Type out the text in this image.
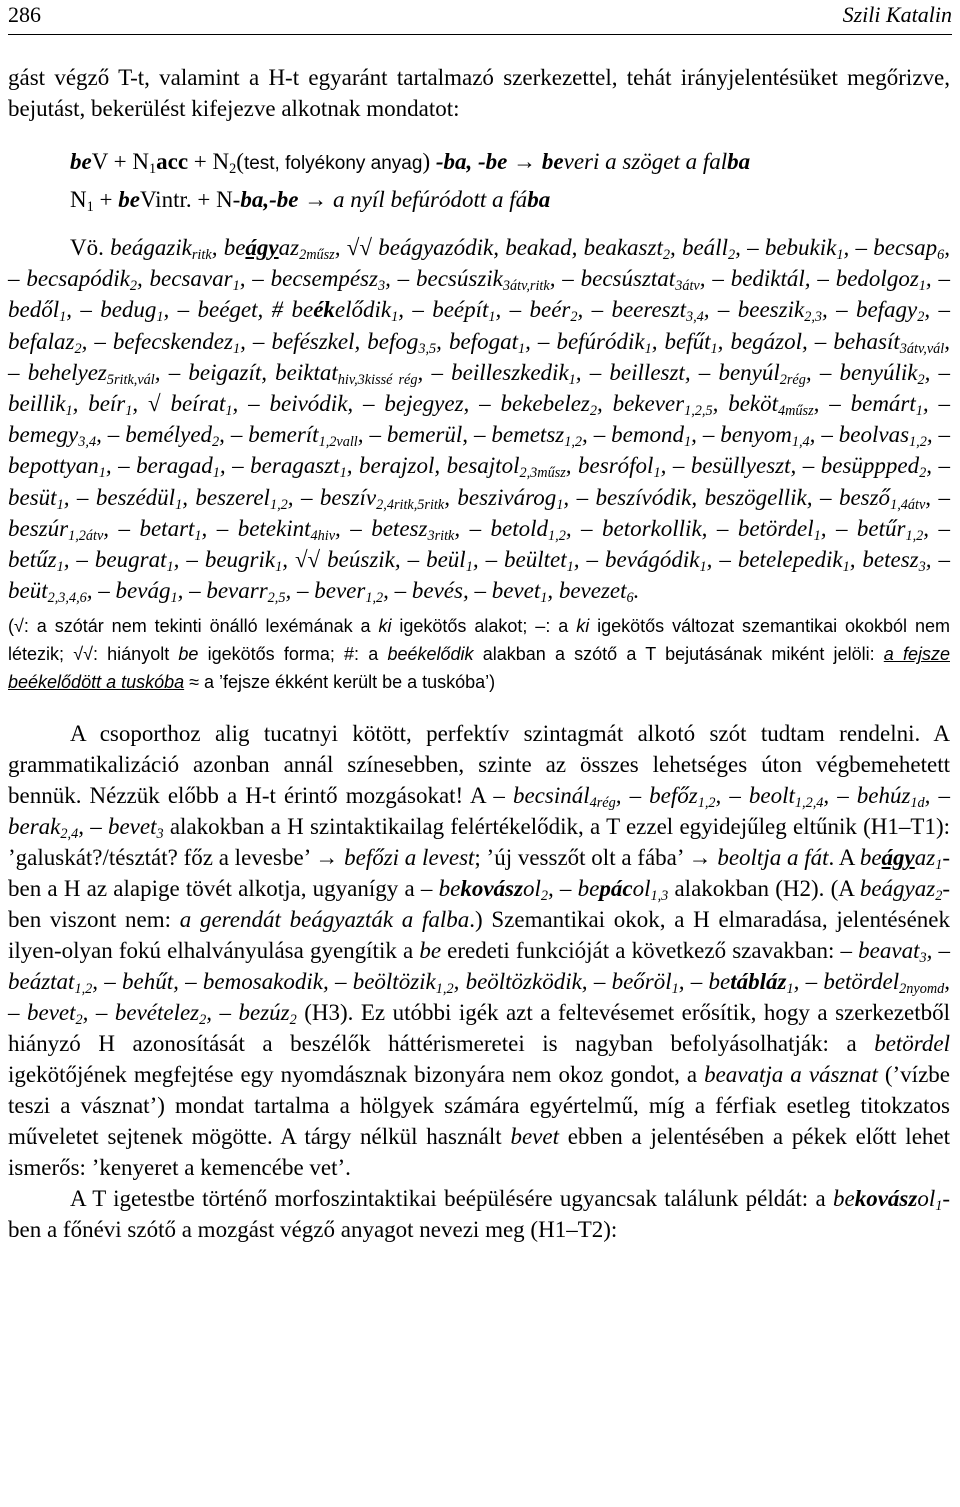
286	Szili Katalin

gást végző T-t, valamint a H-t egyaránt tartalmazó szerkezettel, tehát irányjelentésüket megőrizve, bejutást, bekerülést kifejezve alkotnak mondatot:

beV + $N_1acc$ + $N_2(test$, folyékony anyag) -ba, -be → beveri a szöget a falba

$N_1$ + beVintr. + N-ba,-be → a nyíl befúródott a fába

Vö. beágazik$_{ritk}$, beágyaz$_{2műsz}$, √√ beágyazódik, beakad, beakaszt$_2$, beáll$_2$, – bebukik$_1$, – becsap$_6$, – becsapódik$_2$, becsavar$_1$, – becsempész$_3$, – becsúszik$_{3átv,ritk}$, – becsúsztat$_{3átv}$, – bediktál, – bedolgoz$_1$, – bedől$_1$, – bedug$_1$, – beéget, # beékelődik$_1$, – beépít$_1$, – beér$_2$, – beereszt$_{3,4}$, – beeszik$_{2,3}$, – befagy$_2$, – befalaz$_2$, – befecskendez$_1$, – befészkel, befog$_{3,5}$, befogat$_1$, – befúródik$_1$, befűt$_1$, begázol, – behasít$_{3átv,vál}$, – behelyez$_{5ritk,vál}$, – beigazít, beiktat$_{hiv,3kissé rég}$, – beilleszkedik$_1$, – beilleszt, – benyúl$_{2rég}$, – benyúlik$_2$, – beillik$_1$, beír$_1$, √ beírat$_1$, – beivódik, – bejegyez, – bekebelez$_2$, bekever$_{1,2,5}$, beköt$_{4műsz}$, – bemárt$_1$, – bemegy$_{3,4}$, – bemélyed$_2$, – bemerít$_{1,2vall}$, – bemerül, – bemetsz$_{1,2}$, – bemond$_1$, – benyom$_{1,4}$, – beolvas$_{1,2}$, – bepottyan$_1$, – beragad$_1$, – beragaszt$_1$, berajzol, besajtol$_{2,3műsz}$, besrófol$_1$, – besüllyeszt, – besüppped$_2$, – besüt$_1$, – beszédül$_1$, beszerel$_{1,2}$, – beszív$_{2,4ritk,5ritk}$, beszivárog$_1$, – beszívódik, beszögellik, – besző$_{1,4átv}$, – beszúr$_{1,2átv}$, – betart$_1$, – betekint$_{4hiv}$, – betesz$_{3ritk}$, – betold$_{1,2}$, – betorkollik, – betördel$_1$, – betűr$_{1,2}$, – betűz$_1$, – beugrat$_1$, – beugrik$_1$, √√ beúszik, – beül$_1$, – beültet$_1$, – bevágódik$_1$, – betelepedik$_1$, betesz$_3$, – beüt$_{2,3,4,6}$, – bevág$_1$, – bevarr$_{2,5}$, – bever$_{1,2}$, – bevés, – bevet$_1$, bevezet$_6$.

(√: a szótár nem tekinti önálló lexémának a ki igekötős alakot; –: a ki igekötős változat szemantikai okokból nem létezik; √√: hiányolt be igekötős forma; #: a beékelődik alakban a szótő a T bejutásának miként jelöli: a fejsze beékelődött a tuskóba ≈ a ’fejsze ékként került be a tuskóba’)

A csoporthoz alig tucatnyi kötött, perfektív szintagmát alkotó szót tudtam rendelni. A grammatikalizáció azonban annál színesebben, szinte az összes lehetséges úton végbemehetett bennük. Nézzük előbb a H-t érintő mozgásokat! A – becsinál$_{4rég}$, – befőz$_{1,2}$, – beolt$_{1,2,4}$, – behúz$_{1d}$, – berak$_{2,4}$, – bevet$_3$ alakokban a H szintaktikailag felértékelődik, a T ezzel egyidejűleg eltűnik (H1–T1): ’galuskát?/tésztát? főz a levesbe’ → befőzi a levest; ’új vesszőt olt a fába’ → beoltja a fát. A beágyaz$_1$-ben a H az alapige tövét alkotja, ugyanígy a – bekovászol$_2$, – bepácol$_{1,3}$ alakokban (H2). (A beágyaz$_2$-ben viszont nem: a gerendát beágyazták a falba.) Szemantikai okok, a H elmaradása, jelentésének ilyen-olyan fokú elhalványulása gyengítik a be eredeti funkcióját a következő szavakban: – beavat$_3$, – beáztat$_{1,2}$, – behűt, – bemosakodik, – beöltözik$_{1,2}$, beöltözködik, – beőröl$_1$, – betábláz$_1$, – betördel$_{2nyomd}$, – bevet$_2$, – bevételez$_2$, – bezúz$_2$ (H3). Ez utóbbi igék azt a feltevésemet erősítik, hogy a szerkezetből hiányzó H azonosítását a beszélők háttérismeretei is nagyban befolyásolhatják: a betördel igekötőjének megfejtése egy nyomdásznak bizonyára nem okoz gondot, a beavatja a vásznat (’vízbe teszi a vásznat’) mondat tartalma a hölgyek számára egyértelmű, míg a férfiak esetleg titokzatos műveletet sejtenek mögötte. A tárgy nélkül használt bevet ebben a jelentésében a pékek előtt lehet ismerős: ’kenyeret a kemencébe vet’.

A T igetestbe történő morfoszintaktikai beépülésére ugyancsak találunk példát: a bekovászol$_1$-ben a főnévi szótő a mozgást végző anyagot nevezi meg (H1–T2):
